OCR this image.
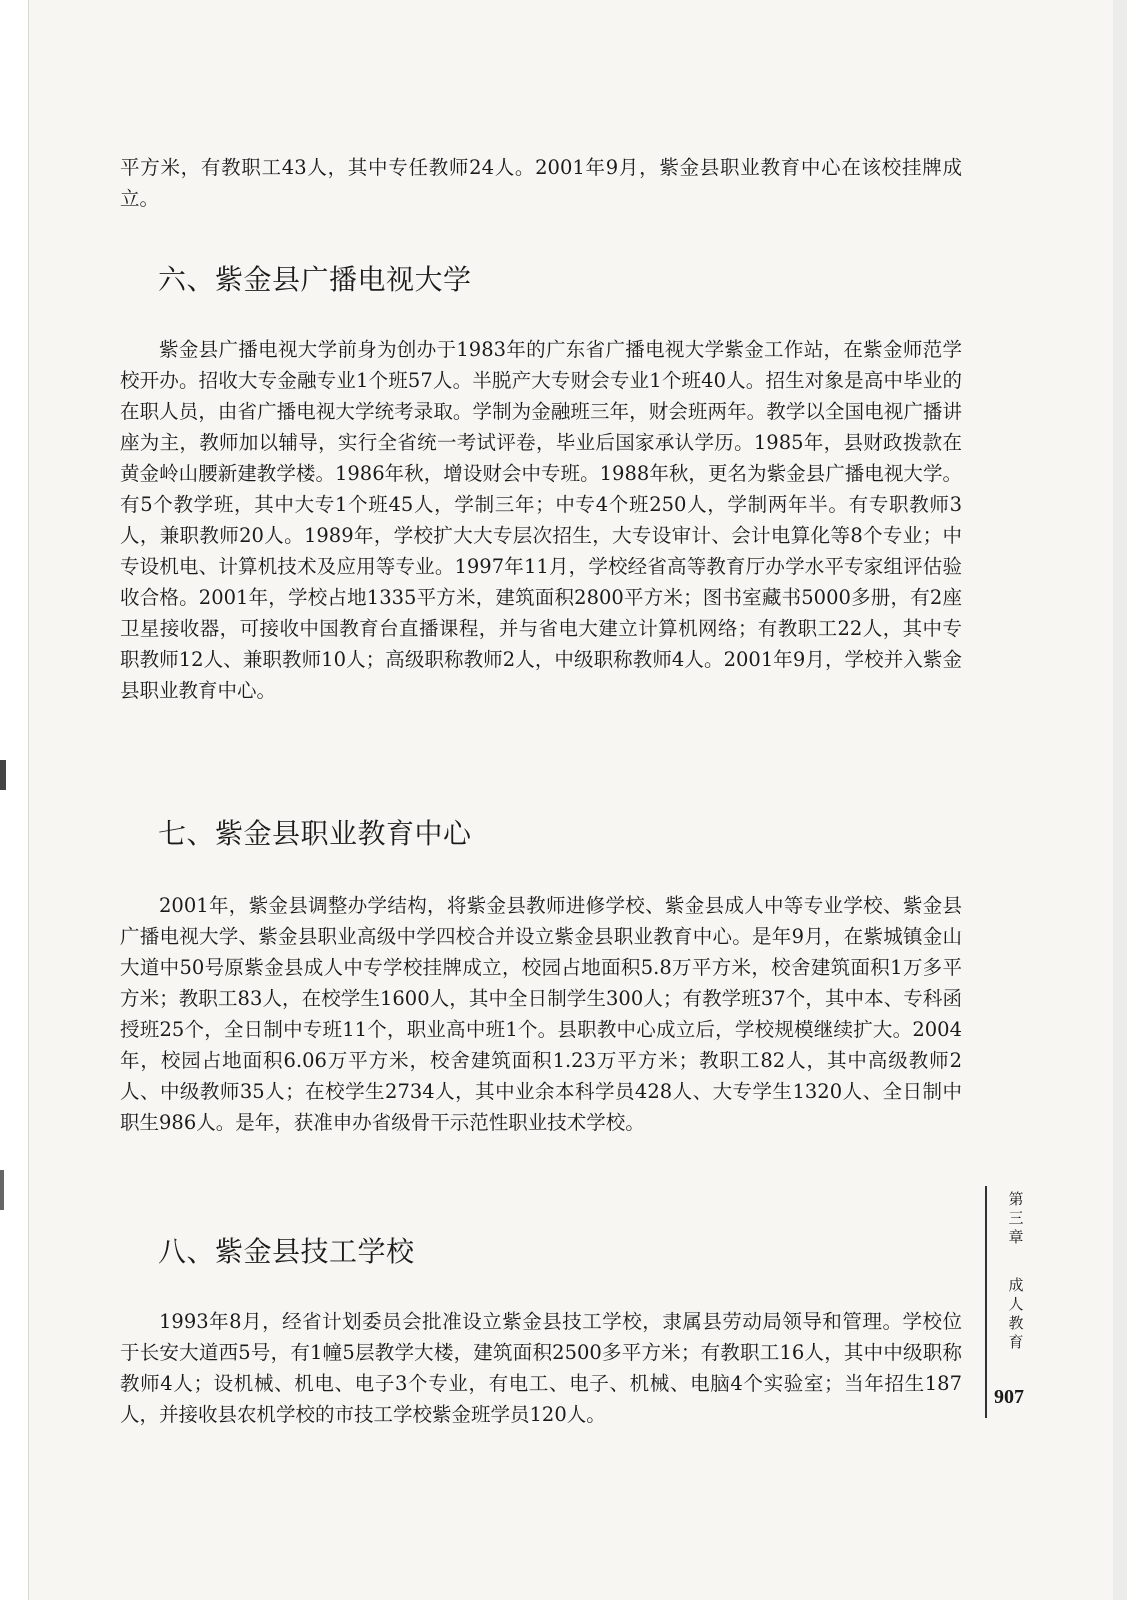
平方米，有教职工43人，其中专任教师24人。2001年9月，紫金县职业教育中心在该校挂牌成立。
六、紫金县广播电视大学
紫金县广播电视大学前身为创办于1983年的广东省广播电视大学紫金工作站，在紫金师范学校开办。招收大专金融专业1个班57人。半脱产大专财会专业1个班40人。招生对象是高中毕业的在职人员，由省广播电视大学统考录取。学制为金融班三年，财会班两年。教学以全国电视广播讲座为主，教师加以辅导，实行全省统一考试评卷，毕业后国家承认学历。1985年，县财政拨款在黄金岭山腰新建教学楼。1986年秋，增设财会中专班。1988年秋，更名为紫金县广播电视大学。有5个教学班，其中大专1个班45人，学制三年；中专4个班250人，学制两年半。有专职教师3人，兼职教师20人。1989年，学校扩大大专层次招生，大专设审计、会计电算化等8个专业；中专设机电、计算机技术及应用等专业。1997年11月，学校经省高等教育厅办学水平专家组评估验收合格。2001年，学校占地1335平方米，建筑面积2800平方米；图书室藏书5000多册，有2座卫星接收器，可接收中国教育台直播课程，并与省电大建立计算机网络；有教职工22人，其中专职教师12人、兼职教师10人；高级职称教师2人，中级职称教师4人。2001年9月，学校并入紫金县职业教育中心。
七、紫金县职业教育中心
2001年，紫金县调整办学结构，将紫金县教师进修学校、紫金县成人中等专业学校、紫金县广播电视大学、紫金县职业高级中学四校合并设立紫金县职业教育中心。是年9月，在紫城镇金山大道中50号原紫金县成人中专学校挂牌成立，校园占地面积5.8万平方米，校舍建筑面积1万多平方米；教职工83人，在校学生1600人，其中全日制学生300人；有教学班37个，其中本、专科函授班25个，全日制中专班11个，职业高中班1个。县职教中心成立后，学校规模继续扩大。2004年，校园占地面积6.06万平方米，校舍建筑面积1.23万平方米；教职工82人，其中高级教师2人、中级教师35人；在校学生2734人，其中业余本科学员428人、大专学生1320人、全日制中职生986人。是年，获准申办省级骨干示范性职业技术学校。
八、紫金县技工学校
1993年8月，经省计划委员会批准设立紫金县技工学校，隶属县劳动局领导和管理。学校位于长安大道西5号，有1幢5层教学大楼，建筑面积2500多平方米；有教职工16人，其中中级职称教师4人；设机械、机电、电子3个专业，有电工、电子、机械、电脑4个实验室；当年招生187人，并接收县农机学校的市技工学校紫金班学员120人。
第三章
成人教育
907
